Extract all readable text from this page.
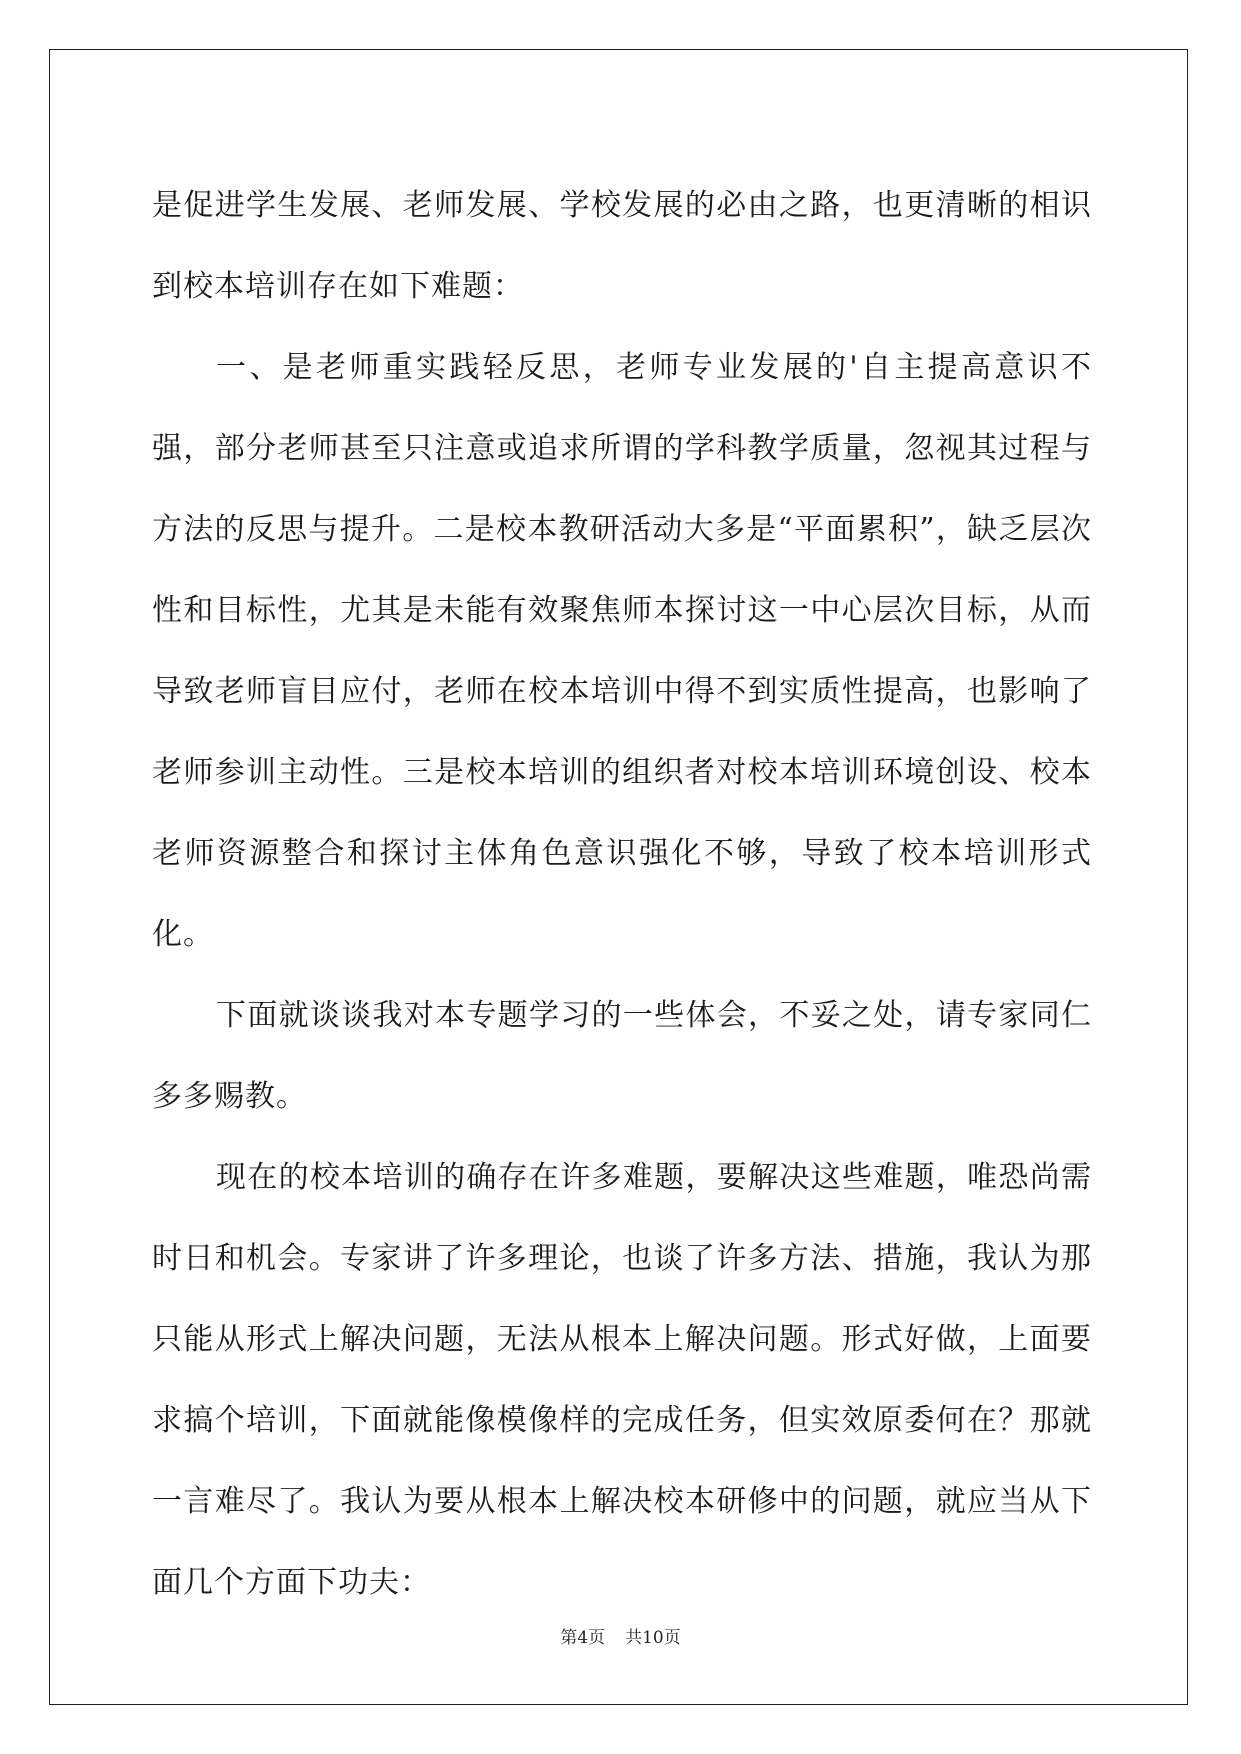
是促进学生发展、老师发展、学校发展的必由之路，也更清晰的相识到校本培训存在如下难题：

一、是老师重实践轻反思，老师专业发展的'自主提高意识不强，部分老师甚至只注意或追求所谓的学科教学质量，忽视其过程与方法的反思与提升。二是校本教研活动大多是“平面累积”，缺乏层次性和目标性，尤其是未能有效聚焦师本探讨这一中心层次目标，从而导致老师盲目应付，老师在校本培训中得不到实质性提高，也影响了老师参训主动性。三是校本培训的组织者对校本培训环境创设、校本老师资源整合和探讨主体角色意识强化不够，导致了校本培训形式化。

下面就谈谈我对本专题学习的一些体会，不妥之处，请专家同仁多多赐教。

现在的校本培训的确存在许多难题，要解决这些难题，唯恐尚需时日和机会。专家讲了许多理论，也谈了许多方法、措施，我认为那只能从形式上解决问题，无法从根本上解决问题。形式好做，上面要求搞个培训，下面就能像模像样的完成任务，但实效原委何在？那就一言难尽了。我认为要从根本上解决校本研修中的问题，就应当从下面几个方面下功夫：

第4页 共10页
